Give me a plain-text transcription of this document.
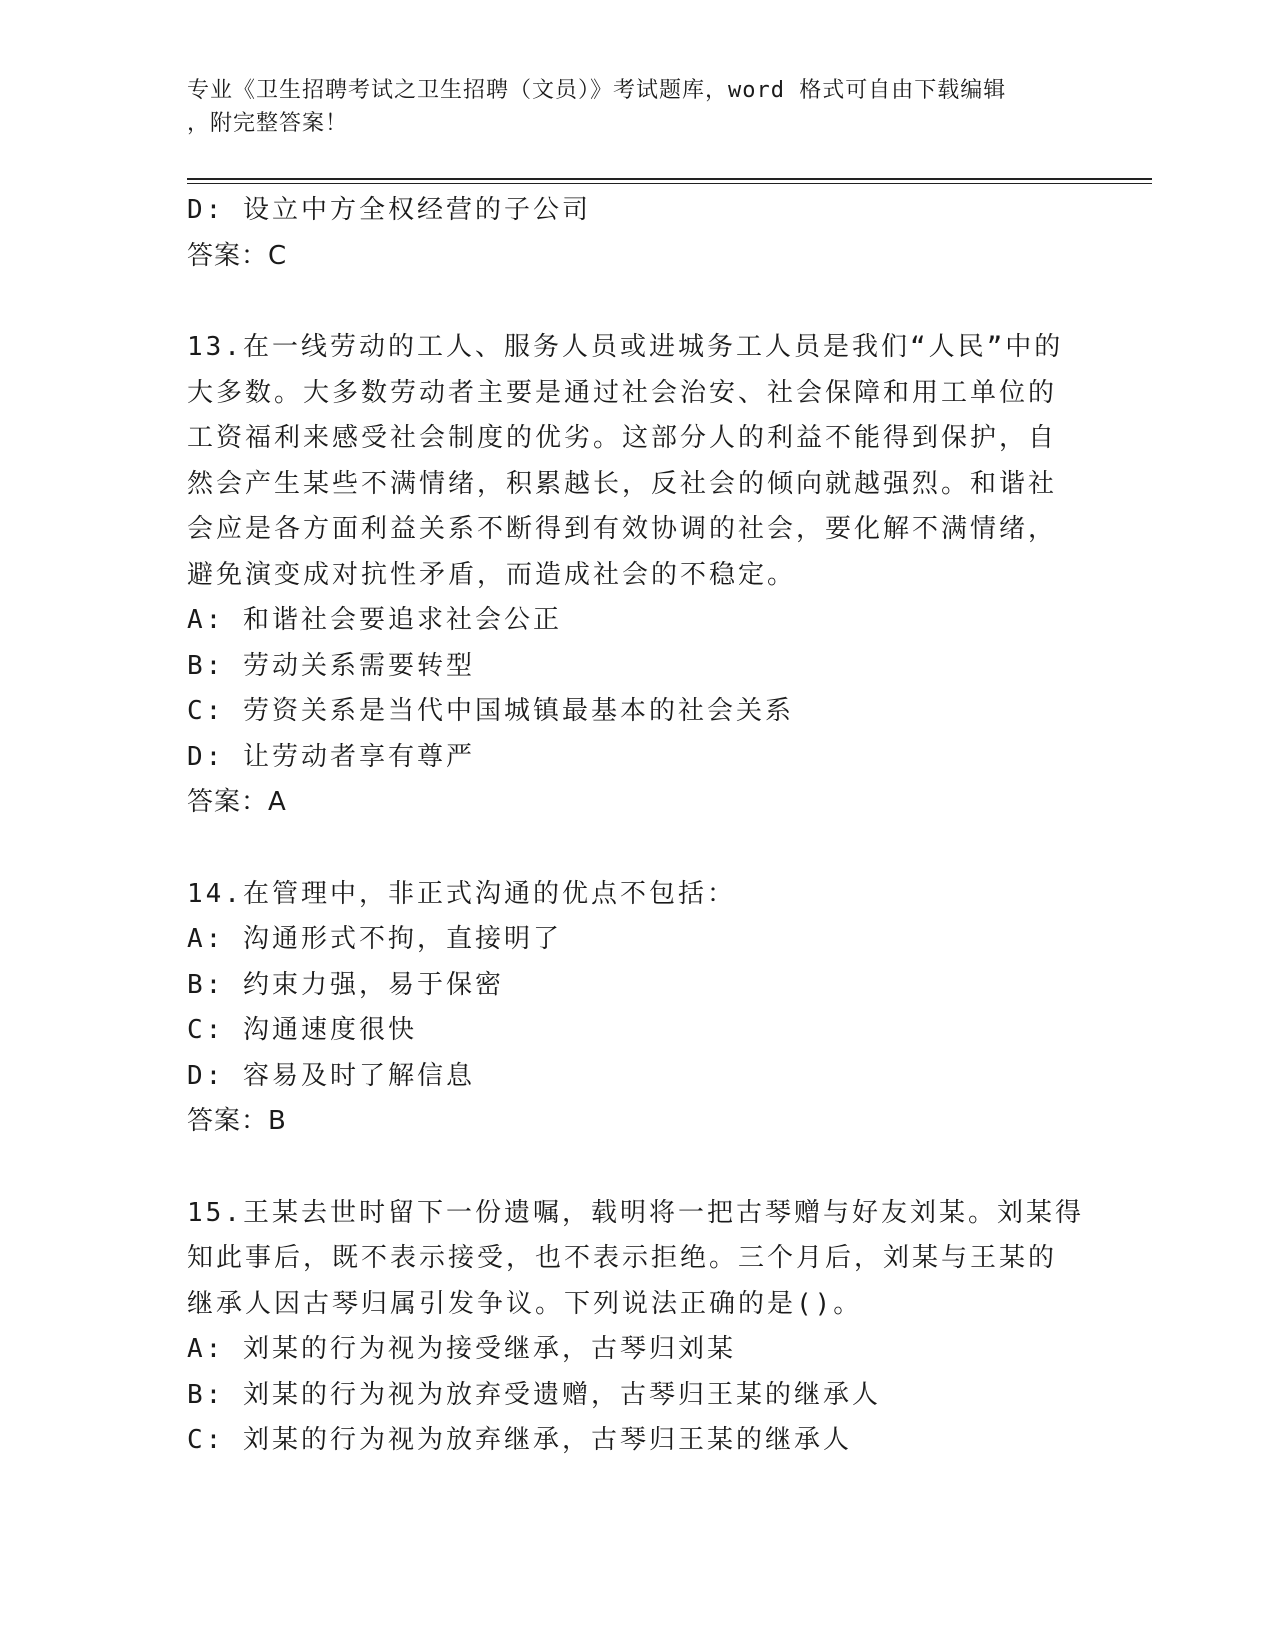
专业《卫生招聘考试之卫生招聘（文员）》考试题库，word 格式可自由下载编辑
，附完整答案！
D: 设立中方全权经营的子公司
答案：C
13.在一线劳动的工人、服务人员或进城务工人员是我们“人民”中的
大多数。大多数劳动者主要是通过社会治安、社会保障和用工单位的
工资福利来感受社会制度的优劣。这部分人的利益不能得到保护，自
然会产生某些不满情绪，积累越长，反社会的倾向就越强烈。和谐社
会应是各方面利益关系不断得到有效协调的社会，要化解不满情绪，
避免演变成对抗性矛盾，而造成社会的不稳定。
A: 和谐社会要追求社会公正
B: 劳动关系需要转型
C: 劳资关系是当代中国城镇最基本的社会关系
D: 让劳动者享有尊严
答案：A
14.在管理中，非正式沟通的优点不包括：
A: 沟通形式不拘，直接明了
B: 约束力强，易于保密
C: 沟通速度很快
D: 容易及时了解信息
答案：B
15.王某去世时留下一份遗嘱，载明将一把古琴赠与好友刘某。刘某得
知此事后，既不表示接受，也不表示拒绝。三个月后，刘某与王某的
继承人因古琴归属引发争议。下列说法正确的是()。
A: 刘某的行为视为接受继承，古琴归刘某
B: 刘某的行为视为放弃受遗赠，古琴归王某的继承人
C: 刘某的行为视为放弃继承，古琴归王某的继承人
